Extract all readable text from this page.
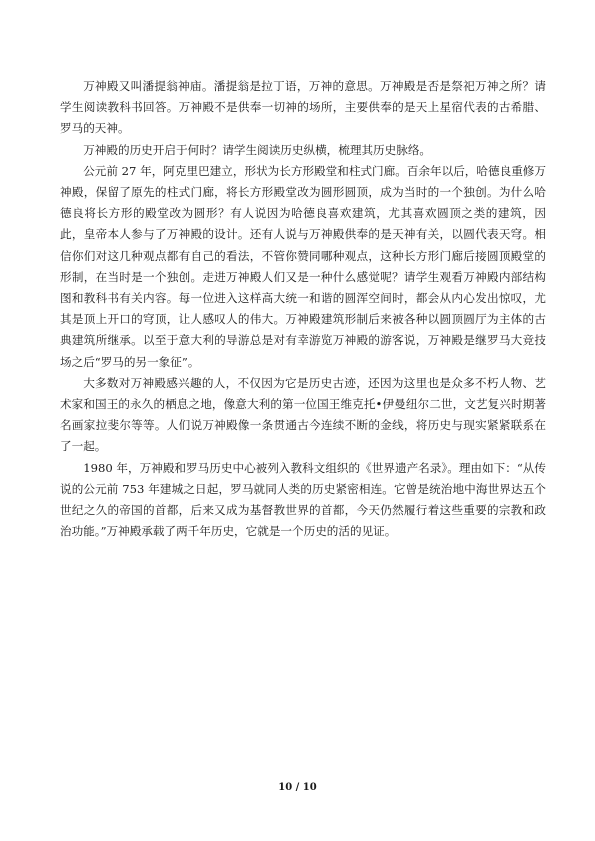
万神殿又叫潘提翁神庙。潘提翁是拉丁语，万神的意思。万神殿是否是祭祀万神之所？请学生阅读教科书回答。万神殿不是供奉一切神的场所，主要供奉的是天上星宿代表的古希腊、罗马的天神。

万神殿的历史开启于何时？请学生阅读历史纵横，梳理其历史脉络。

公元前 27 年，阿克里巴建立，形状为长方形殿堂和柱式门廊。百余年以后，哈德良重修万神殿，保留了原先的柱式门廊，将长方形殿堂改为圆形圆顶，成为当时的一个独创。为什么哈德良将长方形的殿堂改为圆形？有人说因为哈德良喜欢建筑，尤其喜欢圆顶之类的建筑，因此，皇帝本人参与了万神殿的设计。还有人说与万神殿供奉的是天神有关，以圆代表天穹。相信你们对这几种观点都有自己的看法，不管你赞同哪种观点，这种长方形门廊后接圆顶殿堂的形制，在当时是一个独创。走进万神殿人们又是一种什么感觉呢？请学生观看万神殿内部结构图和教科书有关内容。每一位进入这样高大统一和谐的圆浑空间时，都会从内心发出惊叹，尤其是顶上开口的穹顶，让人感叹人的伟大。万神殿建筑形制后来被各种以圆顶圆厅为主体的古典建筑所继承。以至于意大利的导游总是对有幸游览万神殿的游客说，万神殿是继罗马大竞技场之后“罗马的另一象征”。

大多数对万神殿感兴趣的人，不仅因为它是历史古迹，还因为这里也是众多不朽人物、艺术家和国王的永久的栖息之地，像意大利的第一位国王维克托•伊曼纽尔二世，文艺复兴时期著名画家拉斐尔等等。人们说万神殿像一条贯通古今连续不断的金线，将历史与现实紧紧联系在了一起。

1980 年，万神殿和罗马历史中心被列入教科文组织的《世界遗产名录》。理由如下：“从传说的公元前 753 年建城之日起，罗马就同人类的历史紧密相连。它曾是统治地中海世界达五个世纪之久的帝国的首都，后来又成为基督教世界的首都，今天仍然履行着这些重要的宗教和政治功能。”万神殿承载了两千年历史，它就是一个历史的活的见证。

10 / 10
